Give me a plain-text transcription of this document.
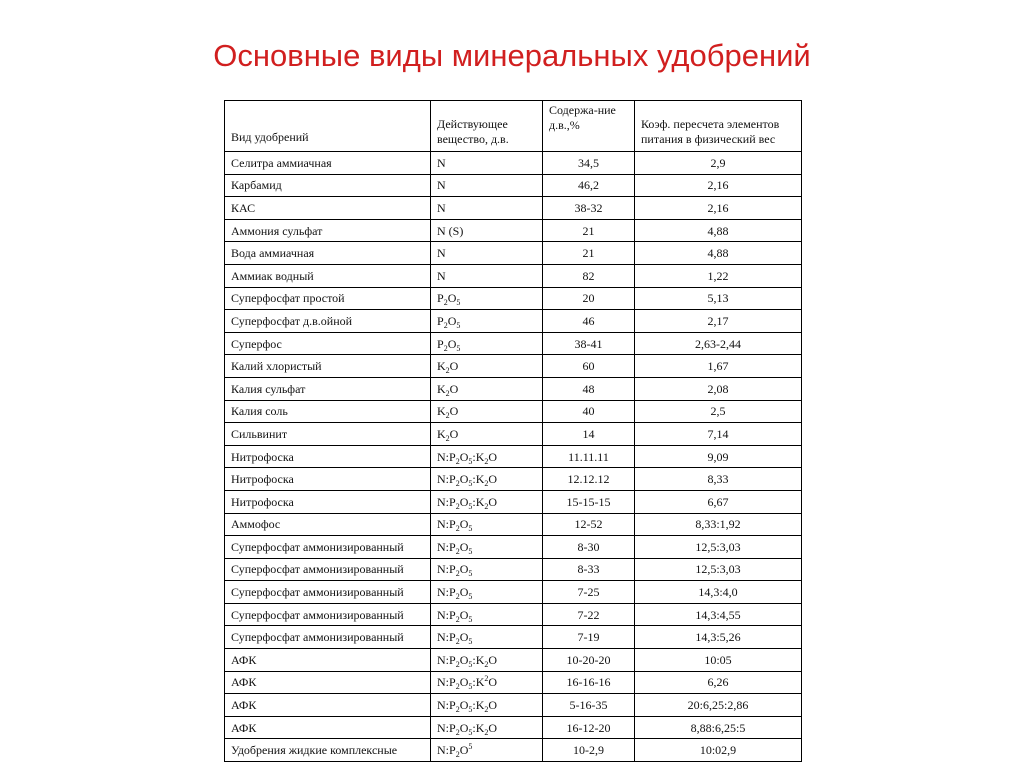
Основные виды минеральных удобрений
Вид удобрений	Действующее вещество, д.в.	Содержа-ние д.в.,%	Коэф. пересчета элементов питания в физический вес
Селитра аммиачная	N	34,5	2,9
Карбамид	N	46,2	2,16
КАС	N	38-32	2,16
Аммония сульфат	N (S)	21	4,88
Вода аммиачная	N	21	4,88
Аммиак водный	N	82	1,22
Суперфосфат простой	$P_2O_5$	20	5,13
Суперфосфат д.в.ойной	$P_2O_5$	46	2,17
Суперфос	$P_2O_5$	38-41	2,63-2,44
Калий хлористый	$K_2O$	60	1,67
Калия сульфат	$K_2O$	48	2,08
Калия соль	$K_2O$	40	2,5
Сильвинит	$K_2O$	14	7,14
Нитрофоска	$N:P_2O_5:K_2O$	11.11.11	9,09
Нитрофоска	$N:P_2O_5:K_2O$	12.12.12	8,33
Нитрофоска	$N:P_2O_5:K_2O$	15-15-15	6,67
Аммофос	$N:P_2O_5$	12-52	8,33:1,92
Суперфосфат аммонизированный	$N:P_2O_5$	8-30	12,5:3,03
Суперфосфат аммонизированный	$N:P_2O_5$	8-33	12,5:3,03
Суперфосфат аммонизированный	$N:P_2O_5$	7-25	14,3:4,0
Суперфосфат аммонизированный	$N:P_2O_5$	7-22	14,3:4,55
Суперфосфат аммонизированный	$N:P_2O_5$	7-19	14,3:5,26
АФК	$N:P_2O_5:K_2O$	10-20-20	10:05
АФК	$N:P_2O_5:K^2O$	16-16-16	6,26
АФК	$N:P_2O_5:K_2O$	5-16-35	20:6,25:2,86
АФК	$N:P_2O_5:K_2O$	16-12-20	8,88:6,25:5
Удобрения жидкие комплексные	$N:P_2O^5$	10-2,9	10:02,9
